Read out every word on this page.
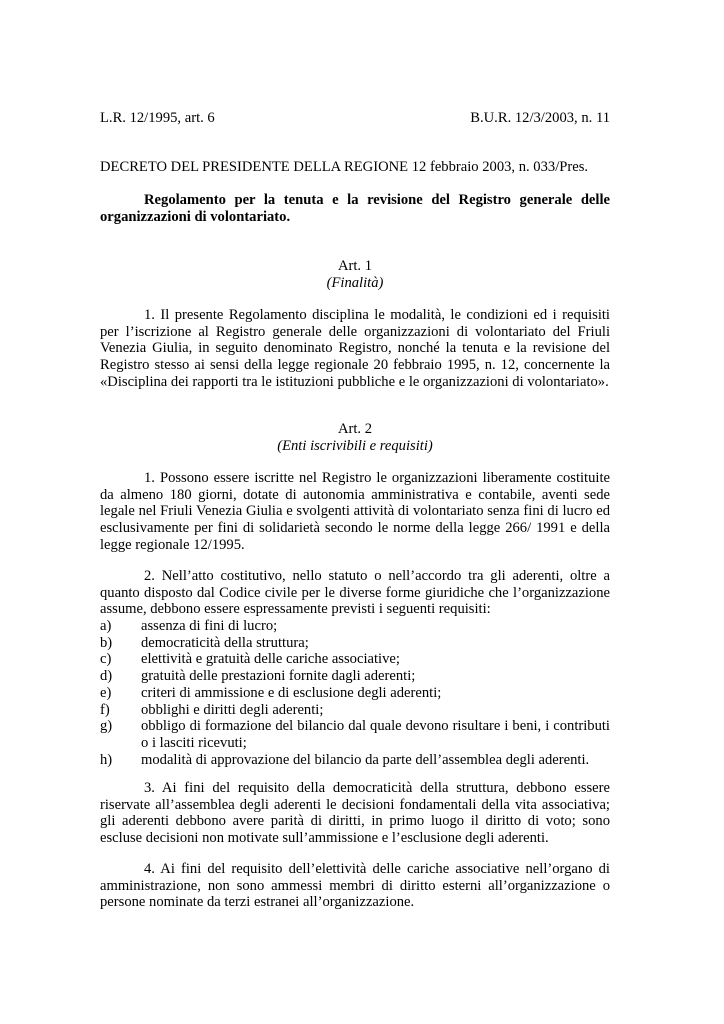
L.R. 12/1995, art. 6	B.U.R. 12/3/2003, n. 11

DECRETO DEL PRESIDENTE DELLA REGIONE 12 febbraio 2003, n. 033/Pres.

Regolamento per la tenuta e la revisione del Registro generale delle organizzazioni di volontariato.

Art. 1
(Finalità)

1. Il presente Regolamento disciplina le modalità, le condizioni ed i requisiti per l’iscrizione al Registro generale delle organizzazioni di volontariato del Friuli Venezia Giulia, in seguito denominato Registro, nonché la tenuta e la revisione del Registro stesso ai sensi della legge regionale 20 febbraio 1995, n. 12, concernente la «Disciplina dei rapporti tra le istituzioni pubbliche e le organizzazioni di volontariato».

Art. 2
(Enti iscrivibili e requisiti)

1. Possono essere iscritte nel Registro le organizzazioni liberamente costituite da almeno 180 giorni, dotate di autonomia amministrativa e contabile, aventi sede legale nel Friuli Venezia Giulia e svolgenti attività di volontariato senza fini di lucro ed esclusivamente per fini di solidarietà secondo le norme della legge 266/ 1991 e della legge regionale 12/1995.

2. Nell’atto costitutivo, nello statuto o nell’accordo tra gli aderenti, oltre a quanto disposto dal Codice civile per le diverse forme giuridiche che l’organizzazione assume, debbono essere espressamente previsti i seguenti requisiti:

a)	assenza di fini di lucro;
b)	democraticità della struttura;
c)	elettività e gratuità delle cariche associative;
d)	gratuità delle prestazioni fornite dagli aderenti;
e)	criteri di ammissione e di esclusione degli aderenti;
f)	obblighi e diritti degli aderenti;
g)	obbligo di formazione del bilancio dal quale devono risultare i beni, i contributi o i lasciti ricevuti;
h)	modalità di approvazione del bilancio da parte dell’assemblea degli aderenti.

3. Ai fini del requisito della democraticità della struttura, debbono essere riservate all’assemblea degli aderenti le decisioni fondamentali della vita associativa; gli aderenti debbono avere parità di diritti, in primo luogo il diritto di voto; sono escluse decisioni non motivate sull’ammissione e l’esclusione degli aderenti.

4. Ai fini del requisito dell’elettività delle cariche associative nell’organo di amministrazione, non sono ammessi membri di diritto esterni all’organizzazione o persone nominate da terzi estranei all’organizzazione.
